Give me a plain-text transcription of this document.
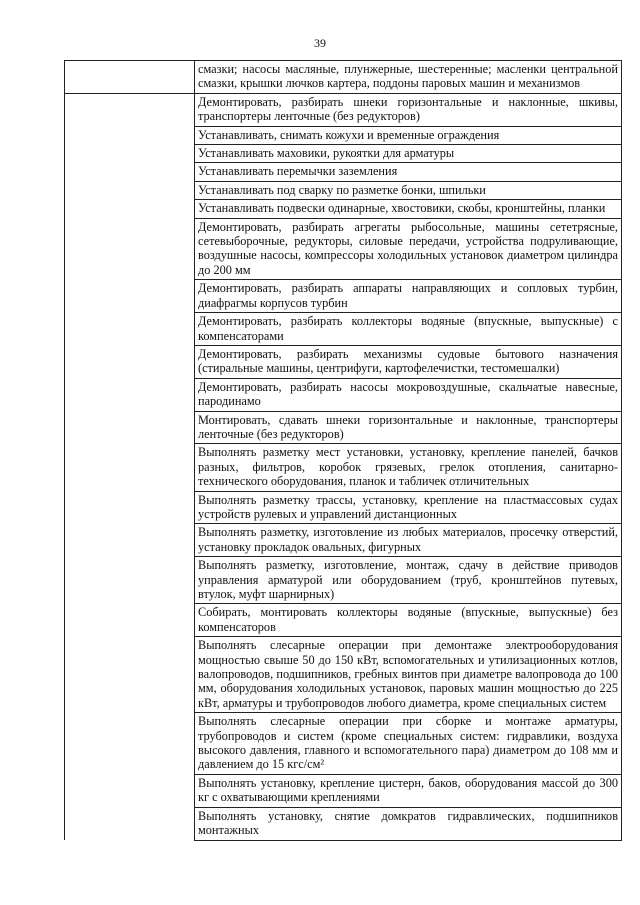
39
	смазки; насосы масляные, плунжерные, шестеренные; масленки центральной смазки, крышки лючков картера, поддоны паровых машин и механизмов
	Демонтировать, разбирать шнеки горизонтальные и наклонные, шкивы, транспортеры ленточные (без редукторов)
	Устанавливать, снимать кожухи и временные ограждения
	Устанавливать маховики, рукоятки для арматуры
	Устанавливать перемычки заземления
	Устанавливать под сварку по разметке бонки, шпильки
	Устанавливать подвески одинарные, хвостовики, скобы, кронштейны, планки
	Демонтировать, разбирать агрегаты рыбосольные, машины сететрясные, сетевыборочные, редукторы, силовые передачи, устройства подруливающие, воздушные насосы, компрессоры холодильных установок диаметром цилиндра до 200 мм
	Демонтировать, разбирать аппараты направляющих и сопловых турбин, диафрагмы корпусов турбин
	Демонтировать, разбирать коллекторы водяные (впускные, выпускные) с компенсаторами
	Демонтировать, разбирать механизмы судовые бытового назначения (стиральные машины, центрифуги, картофелечистки, тестомешалки)
	Демонтировать, разбирать насосы мокровоздушные, скальчатые навесные, пародинамо
	Монтировать, сдавать шнеки горизонтальные и наклонные, транспортеры ленточные (без редукторов)
	Выполнять разметку мест установки, установку, крепление панелей, бачков разных, фильтров, коробок грязевых, грелок отопления, санитарно-технического оборудования, планок и табличек отличительных
	Выполнять разметку трассы, установку, крепление на пластмассовых судах устройств рулевых и управлений дистанционных
	Выполнять разметку, изготовление из любых материалов, просечку отверстий, установку прокладок овальных, фигурных
	Выполнять разметку, изготовление, монтаж, сдачу в действие приводов управления арматурой или оборудованием (труб, кронштейнов путевых, втулок, муфт шарнирных)
	Собирать, монтировать коллекторы водяные (впускные, выпускные) без компенсаторов
	Выполнять слесарные операции при демонтаже электрооборудования мощностью свыше 50 до 150 кВт, вспомогательных и утилизационных котлов, валопроводов, подшипников, гребных винтов при диаметре валопровода до 100 мм, оборудования холодильных установок, паровых машин мощностью до 225 кВт, арматуры и трубопроводов любого диаметра, кроме специальных систем
	Выполнять слесарные операции при сборке и монтаже арматуры, трубопроводов и систем (кроме специальных систем: гидравлики, воздуха высокого давления, главного и вспомогательного пара) диаметром до 108 мм и давлением до 15 кгс/см²
	Выполнять установку, крепление цистерн, баков, оборудования массой до 300 кг с охватывающими креплениями
	Выполнять установку, снятие домкратов гидравлических, подшипников монтажных
